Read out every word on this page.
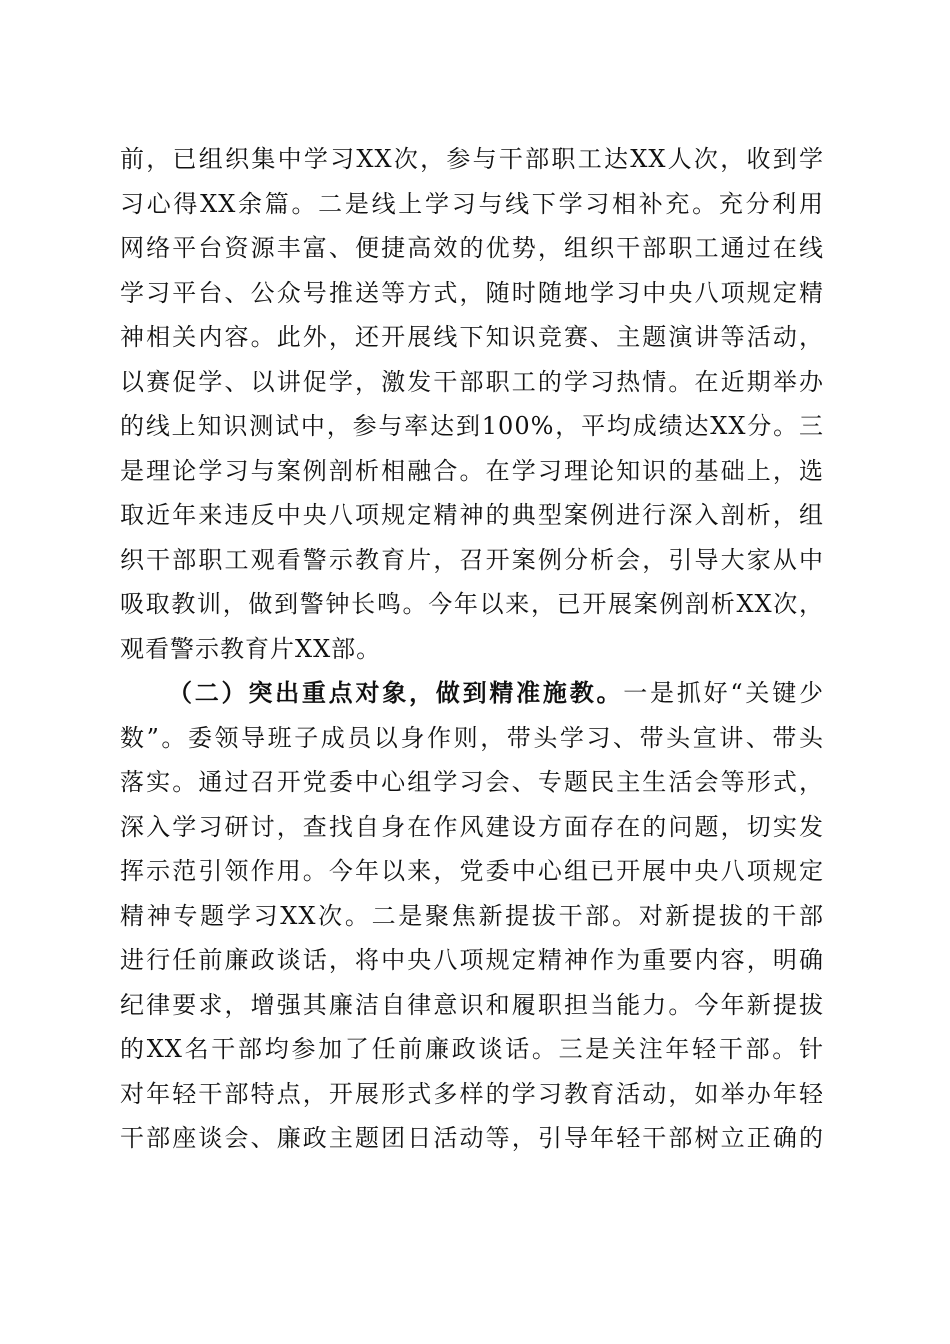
前，已组织集中学习XX次，参与干部职工达XX人次，收到学
习心得XX余篇。二是线上学习与线下学习相补充。充分利用
网络平台资源丰富、便捷高效的优势，组织干部职工通过在线
学习平台、公众号推送等方式，随时随地学习中央八项规定精
神相关内容。此外，还开展线下知识竞赛、主题演讲等活动，
以赛促学、以讲促学，激发干部职工的学习热情。在近期举办
的线上知识测试中，参与率达到100%，平均成绩达XX分。三
是理论学习与案例剖析相融合。在学习理论知识的基础上，选
取近年来违反中央八项规定精神的典型案例进行深入剖析，组
织干部职工观看警示教育片，召开案例分析会，引导大家从中
吸取教训，做到警钟长鸣。今年以来，已开展案例剖析XX次，
观看警示教育片XX部。
（二）突出重点对象，做到精准施教。一是抓好“关键少
数”。委领导班子成员以身作则，带头学习、带头宣讲、带头
落实。通过召开党委中心组学习会、专题民主生活会等形式，
深入学习研讨，查找自身在作风建设方面存在的问题，切实发
挥示范引领作用。今年以来，党委中心组已开展中央八项规定
精神专题学习XX次。二是聚焦新提拔干部。对新提拔的干部
进行任前廉政谈话，将中央八项规定精神作为重要内容，明确
纪律要求，增强其廉洁自律意识和履职担当能力。今年新提拔
的XX名干部均参加了任前廉政谈话。三是关注年轻干部。针
对年轻干部特点，开展形式多样的学习教育活动，如举办年轻
干部座谈会、廉政主题团日活动等，引导年轻干部树立正确的
